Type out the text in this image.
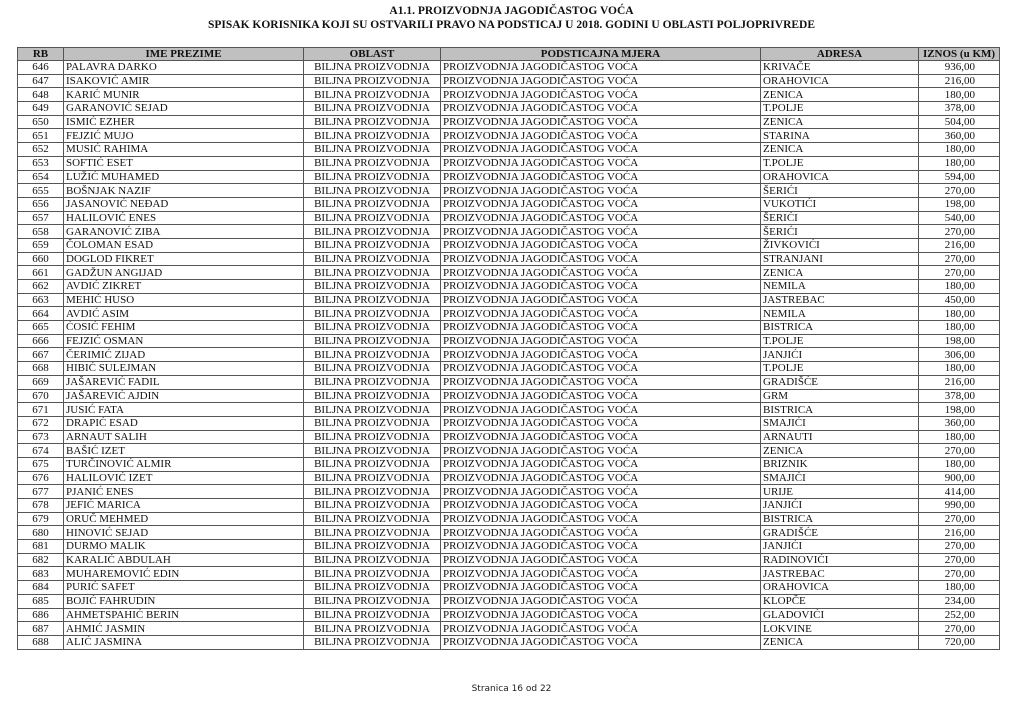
A1.1. PROIZVODNJA JAGODIČASTOG VOĆA
SPISAK KORISNIKA KOJI SU OSTVARILI PRAVO NA PODSTICAJ U 2018. GODINI U OBLASTI POLJOPRIVREDE
RB	IME PREZIME	OBLAST	PODSTICAJNA MJERA	ADRESA	IZNOS (u KM)
646	PALAVRA DARKO	BILJNA PROIZVODNJA	PROIZVODNJA JAGODIČASTOG VOĆA	KRIVAČE	936,00
647	ISAKOVIĆ AMIR	BILJNA PROIZVODNJA	PROIZVODNJA JAGODIČASTOG VOĆA	ORAHOVICA	216,00
648	KARIĆ MUNIR	BILJNA PROIZVODNJA	PROIZVODNJA JAGODIČASTOG VOĆA	ZENICA	180,00
649	GARANOVIĆ SEJAD	BILJNA PROIZVODNJA	PROIZVODNJA JAGODIČASTOG VOĆA	T.POLJE	378,00
650	ISMIĆ EZHER	BILJNA PROIZVODNJA	PROIZVODNJA JAGODIČASTOG VOĆA	ZENICA	504,00
651	FEJZIĆ MUJO	BILJNA PROIZVODNJA	PROIZVODNJA JAGODIČASTOG VOĆA	STARINA	360,00
652	MUSIĆ RAHIMA	BILJNA PROIZVODNJA	PROIZVODNJA JAGODIČASTOG VOĆA	ZENICA	180,00
653	SOFTIĆ ESET	BILJNA PROIZVODNJA	PROIZVODNJA JAGODIČASTOG VOĆA	T.POLJE	180,00
654	LUŽIĆ MUHAMED	BILJNA PROIZVODNJA	PROIZVODNJA JAGODIČASTOG VOĆA	ORAHOVICA	594,00
655	BOŠNJAK NAZIF	BILJNA PROIZVODNJA	PROIZVODNJA JAGODIČASTOG VOĆA	ŠERIĆI	270,00
656	JASANOVIĆ NEĐAD	BILJNA PROIZVODNJA	PROIZVODNJA JAGODIČASTOG VOĆA	VUKOTIĆI	198,00
657	HALILOVIĆ ENES	BILJNA PROIZVODNJA	PROIZVODNJA JAGODIČASTOG VOĆA	ŠERIĆI	540,00
658	GARANOVIĆ ZIBA	BILJNA PROIZVODNJA	PROIZVODNJA JAGODIČASTOG VOĆA	ŠERIĆI	270,00
659	ČOLOMAN ESAD	BILJNA PROIZVODNJA	PROIZVODNJA JAGODIČASTOG VOĆA	ŽIVKOVIĆI	216,00
660	DOGLOD FIKRET	BILJNA PROIZVODNJA	PROIZVODNJA JAGODIČASTOG VOĆA	STRANJANI	270,00
661	GADŽUN ANGIJAD	BILJNA PROIZVODNJA	PROIZVODNJA JAGODIČASTOG VOĆA	ZENICA	270,00
662	AVDIĆ ZIKRET	BILJNA PROIZVODNJA	PROIZVODNJA JAGODIČASTOG VOĆA	NEMILA	180,00
663	MEHIĆ HUSO	BILJNA PROIZVODNJA	PROIZVODNJA JAGODIČASTOG VOĆA	JASTREBAC	450,00
664	AVDIĆ ASIM	BILJNA PROIZVODNJA	PROIZVODNJA JAGODIČASTOG VOĆA	NEMILA	180,00
665	ĆOSIĆ FEHIM	BILJNA PROIZVODNJA	PROIZVODNJA JAGODIČASTOG VOĆA	BISTRICA	180,00
666	FEJZIĆ OSMAN	BILJNA PROIZVODNJA	PROIZVODNJA JAGODIČASTOG VOĆA	T.POLJE	198,00
667	ČERIMIĆ ZIJAD	BILJNA PROIZVODNJA	PROIZVODNJA JAGODIČASTOG VOĆA	JANJIĆI	306,00
668	HIBIĆ SULEJMAN	BILJNA PROIZVODNJA	PROIZVODNJA JAGODIČASTOG VOĆA	T.POLJE	180,00
669	JAŠAREVIĆ FADIL	BILJNA PROIZVODNJA	PROIZVODNJA JAGODIČASTOG VOĆA	GRADIŠĆE	216,00
670	JAŠAREVIĆ AJDIN	BILJNA PROIZVODNJA	PROIZVODNJA JAGODIČASTOG VOĆA	GRM	378,00
671	JUSIĆ FATA	BILJNA PROIZVODNJA	PROIZVODNJA JAGODIČASTOG VOĆA	BISTRICA	198,00
672	DRAPIĆ ESAD	BILJNA PROIZVODNJA	PROIZVODNJA JAGODIČASTOG VOĆA	SMAJIĆI	360,00
673	ARNAUT SALIH	BILJNA PROIZVODNJA	PROIZVODNJA JAGODIČASTOG VOĆA	ARNAUTI	180,00
674	BAŠIĆ IZET	BILJNA PROIZVODNJA	PROIZVODNJA JAGODIČASTOG VOĆA	ZENICA	270,00
675	TURČINOVIĆ ALMIR	BILJNA PROIZVODNJA	PROIZVODNJA JAGODIČASTOG VOĆA	BRIZNIK	180,00
676	HALILOVIĆ IZET	BILJNA PROIZVODNJA	PROIZVODNJA JAGODIČASTOG VOĆA	SMAJIĆI	900,00
677	PJANIĆ ENES	BILJNA PROIZVODNJA	PROIZVODNJA JAGODIČASTOG VOĆA	URIJE	414,00
678	JEFIĆ MARICA	BILJNA PROIZVODNJA	PROIZVODNJA JAGODIČASTOG VOĆA	JANJIĆI	990,00
679	ORUČ MEHMED	BILJNA PROIZVODNJA	PROIZVODNJA JAGODIČASTOG VOĆA	BISTRICA	270,00
680	HINOVIĆ SEJAD	BILJNA PROIZVODNJA	PROIZVODNJA JAGODIČASTOG VOĆA	GRADIŠĆE	216,00
681	DURMO MALIK	BILJNA PROIZVODNJA	PROIZVODNJA JAGODIČASTOG VOĆA	JANJIĆI	270,00
682	KARALIĆ ABDULAH	BILJNA PROIZVODNJA	PROIZVODNJA JAGODIČASTOG VOĆA	RADINOVIĆI	270,00
683	MUHAREMOVIĆ EDIN	BILJNA PROIZVODNJA	PROIZVODNJA JAGODIČASTOG VOĆA	JASTREBAC	270,00
684	PURIĆ SAFET	BILJNA PROIZVODNJA	PROIZVODNJA JAGODIČASTOG VOĆA	ORAHOVICA	180,00
685	BOJIĆ FAHRUDIN	BILJNA PROIZVODNJA	PROIZVODNJA JAGODIČASTOG VOĆA	KLOPČE	234,00
686	AHMETSPAHIĆ BERIN	BILJNA PROIZVODNJA	PROIZVODNJA JAGODIČASTOG VOĆA	GLADOVIĆI	252,00
687	AHMIĆ JASMIN	BILJNA PROIZVODNJA	PROIZVODNJA JAGODIČASTOG VOĆA	LOKVINE	270,00
688	ALIĆ JASMINA	BILJNA PROIZVODNJA	PROIZVODNJA JAGODIČASTOG VOĆA	ZENICA	720,00
Stranica 16 od 22
